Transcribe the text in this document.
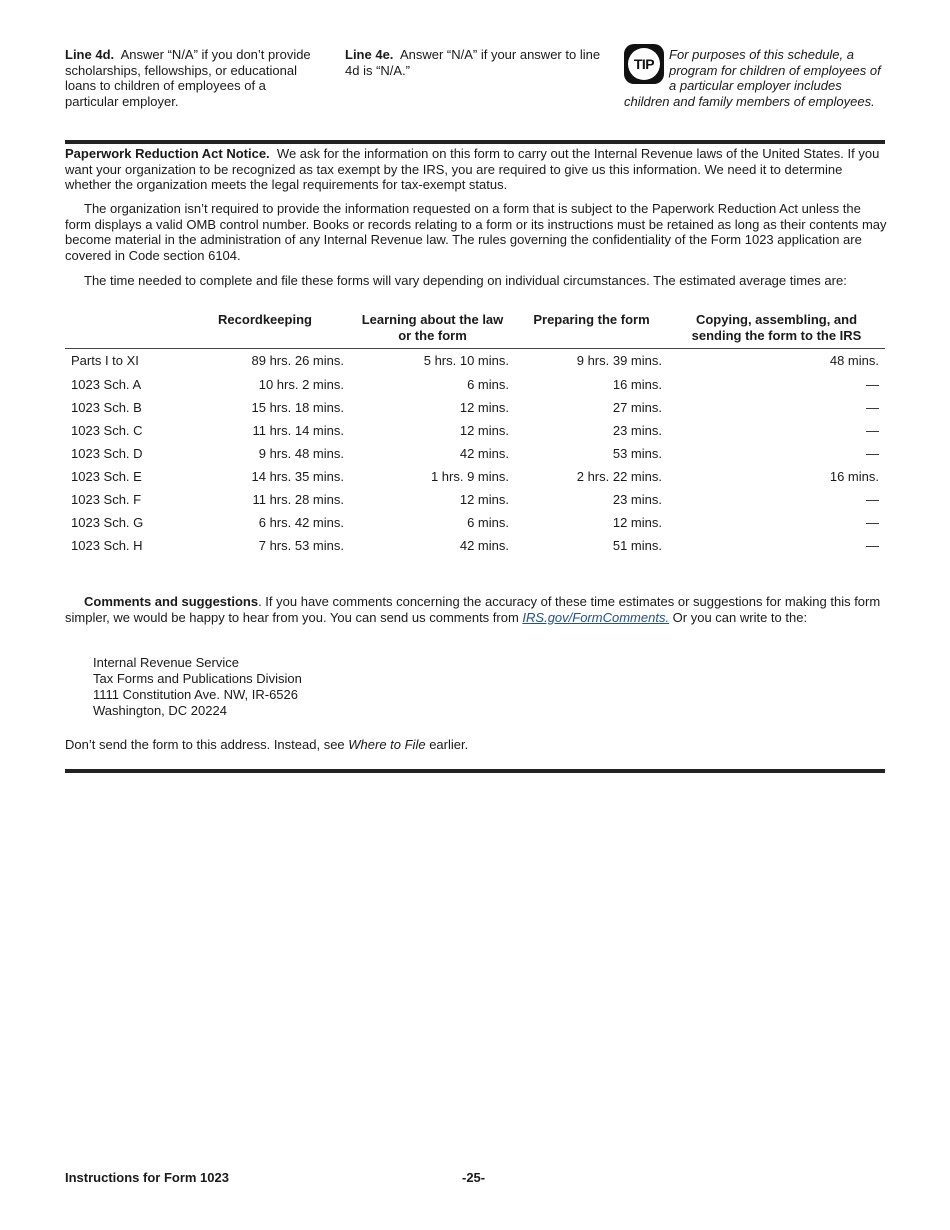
Line 4d. Answer “N/A” if you don’t provide scholarships, fellowships, or educational loans to children of employees of a particular employer.
Line 4e. Answer “N/A” if your answer to line 4d is “N/A.”	TIP
For purposes of this schedule, a program for children of employees of a particular employer includes children and family members of employees.
Paperwork Reduction Act Notice. We ask for the information on this form to carry out the Internal Revenue laws of the United States. If you want your organization to be recognized as tax exempt by the IRS, you are required to give us this information. We need it to determine whether the organization meets the legal requirements for tax-exempt status.
The organization isn’t required to provide the information requested on a form that is subject to the Paperwork Reduction Act unless the form displays a valid OMB control number. Books or records relating to a form or its instructions must be retained as long as their contents may become material in the administration of any Internal Revenue law. The rules governing the confidentiality of the Form 1023 application are covered in Code section 6104.
The time needed to complete and file these forms will vary depending on individual circumstances. The estimated average times are:
	Recordkeeping	Learning about the law or the form	Preparing the form	Copying, assembling, and sending the form to the IRS
Parts I to XI	89 hrs. 26 mins.	5 hrs. 10 mins.	9 hrs. 39 mins.	48 mins.
1023 Sch. A	10 hrs. 2 mins.	6 mins.	16 mins.	—
1023 Sch. B	15 hrs. 18 mins.	12 mins.	27 mins.	—
1023 Sch. C	11 hrs. 14 mins.	12 mins.	23 mins.	—
1023 Sch. D	9 hrs. 48 mins.	42 mins.	53 mins.	—
1023 Sch. E	14 hrs. 35 mins.	1 hrs. 9 mins.	2 hrs. 22 mins.	16 mins.
1023 Sch. F	11 hrs. 28 mins.	12 mins.	23 mins.	—
1023 Sch. G	6 hrs. 42 mins.	6 mins.	12 mins.	—
1023 Sch. H	7 hrs. 53 mins.	42 mins.	51 mins.	—
Comments and suggestions. If you have comments concerning the accuracy of these time estimates or suggestions for making this form simpler, we would be happy to hear from you. You can send us comments from IRS.gov/FormComments. Or you can write to the:
Internal Revenue Service
Tax Forms and Publications Division
1111 Constitution Ave. NW, IR-6526
Washington, DC 20224
Don’t send the form to this address. Instead, see Where to File earlier.
Instructions for Form 1023	-25-
